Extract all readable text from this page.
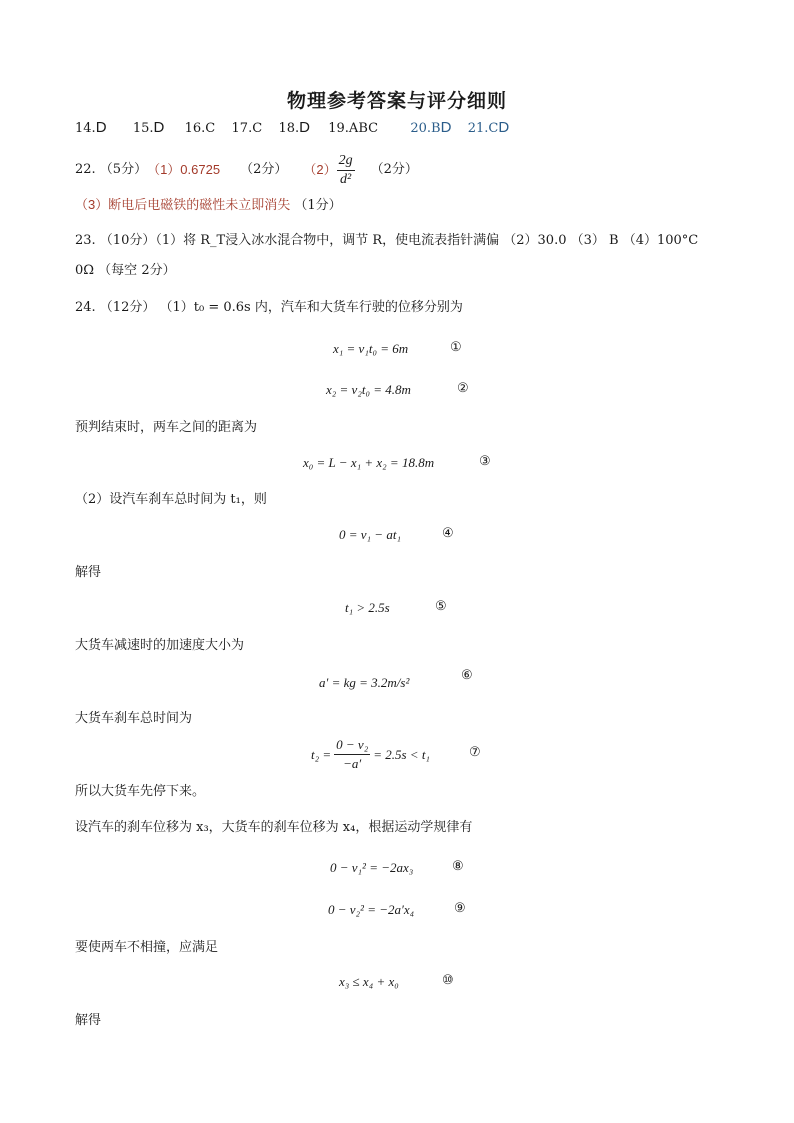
物理参考答案与评分细则
14.D 15.D 16.C 17.C 18.D 19.ABC 20.BD 21.CD
22. （5分） （1）0.6725 （2分） $(2) \frac{2g}{\text{d²}} (2$分）
（3）断电后电磁铁的磁性未立即消失 （1分）
23. （10分）（1）将 R_T浸入冰水混合物中，调节 R，使电流表指针满偏 （2）30.0 （3） B （4）100°C
0Ω （每空 2分）
24. （12分） （1）t₀ = 0.6s 内，汽车和大货车行驶的位移分别为
x₁ = v₁t₀ = 6m	①
x₂ = v₂t₀ = 4.8m	②
预判结束时，两车之间的距离为
x₀ = L − x₁ + x₂ = 18.8m	③
（2）设汽车刹车总时间为 t₁，则
0 = v₁ − at₁	④
解得
t₁ > 2.5s	⑤
大货车减速时的加速度大小为
a′ = kg = 3.2m/s²	⑥
大货车刹车总时间为
$t_2 = \frac{\text{0 − v₂}}{-a'} = 2.5s < t_1$	⑦
所以大货车先停下来。
设汽车的刹车位移为 x₃，大货车的刹车位移为 x₄，根据运动学规律有
0 − v₁² = −2ax₃	⑧
0 − v₂² = −2a′x₄	⑨
要使两车不相撞，应满足
x₃ ≤ x₄ + x₀	⑩
解得
